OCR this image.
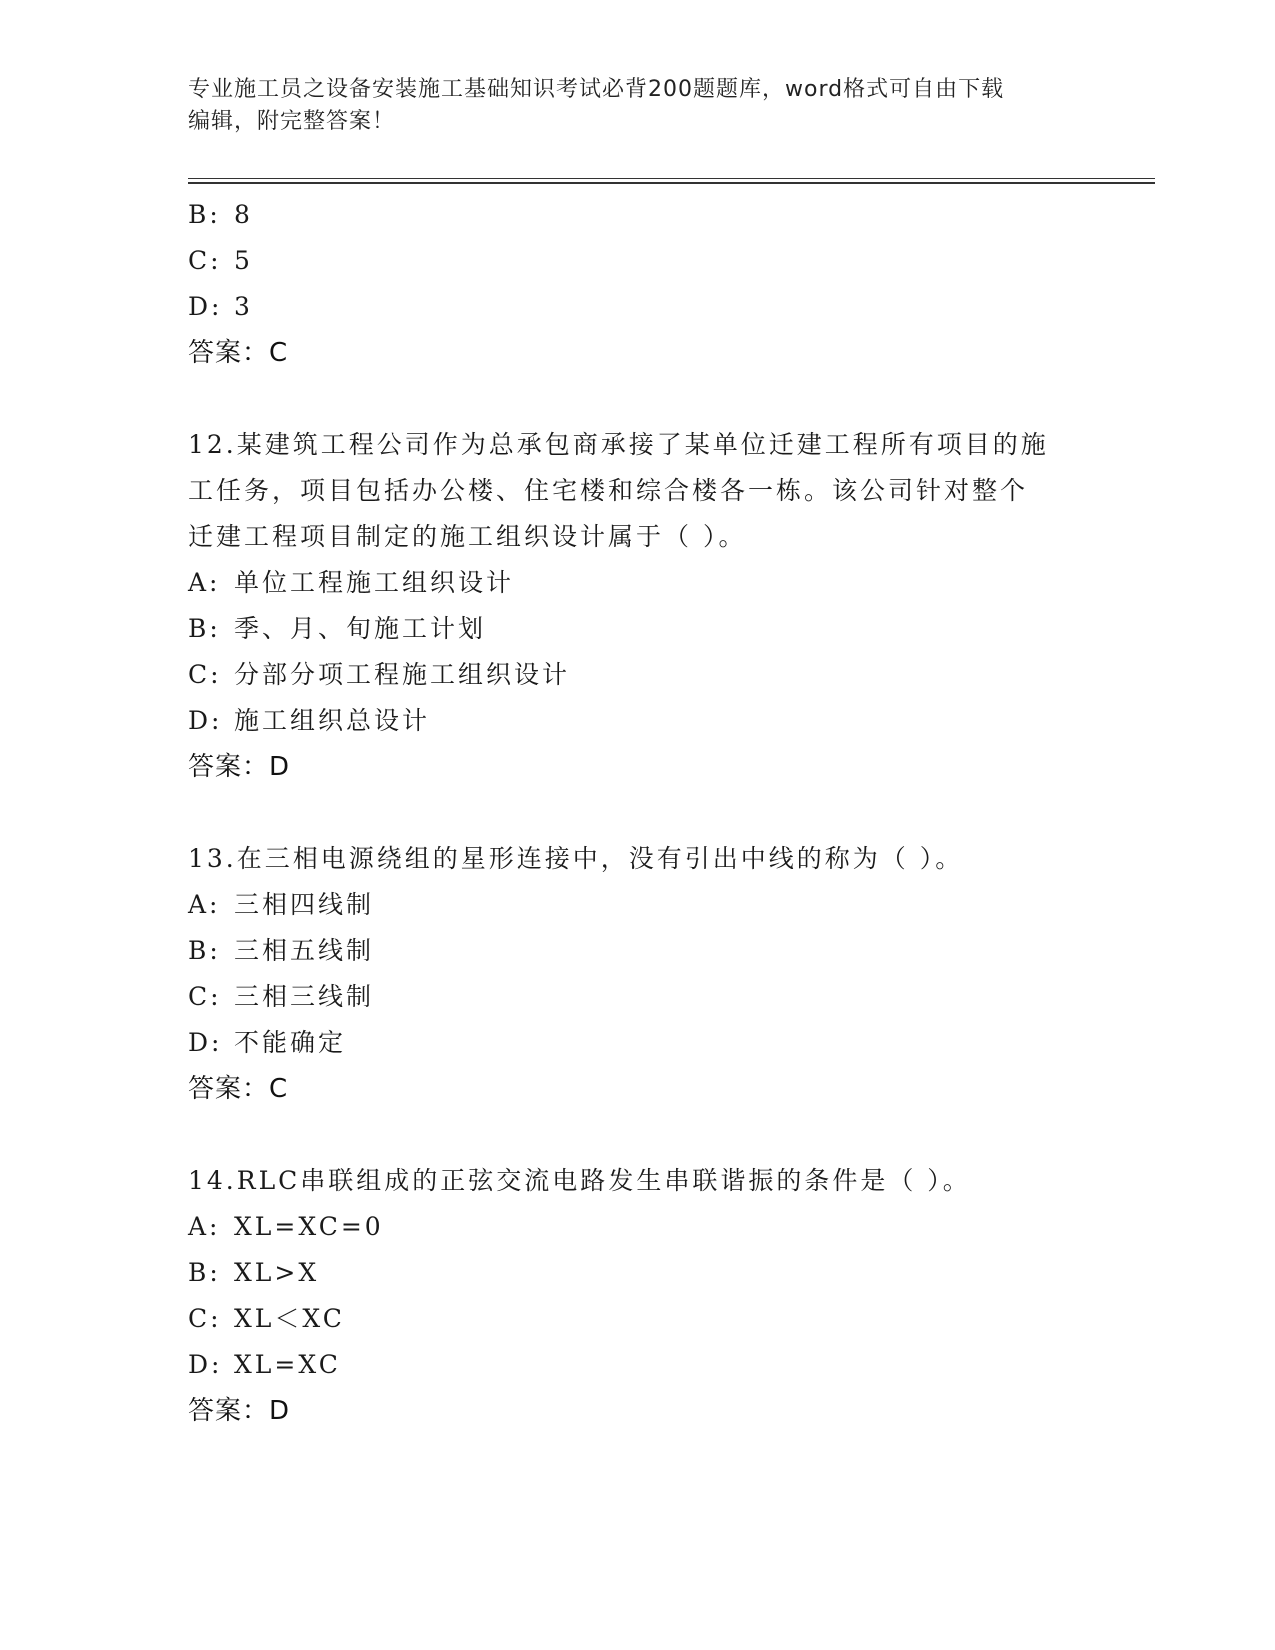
专业施工员之设备安装施工基础知识考试必背200题题库，word格式可自由下载
编辑，附完整答案！
B: 8
C: 5
D: 3
答案：C
12.某建筑工程公司作为总承包商承接了某单位迁建工程所有项目的施
工任务，项目包括办公楼、住宅楼和综合楼各一栋。该公司针对整个
迁建工程项目制定的施工组织设计属于（ ）。
A: 单位工程施工组织设计
B: 季、月、旬施工计划
C: 分部分项工程施工组织设计
D: 施工组织总设计
答案：D
13.在三相电源绕组的星形连接中，没有引出中线的称为（ ）。
A: 三相四线制
B: 三相五线制
C: 三相三线制
D: 不能确定
答案：C
14.RLC串联组成的正弦交流电路发生串联谐振的条件是（ ）。
A: XL=XC=0
B: XL>X
C: XL＜XC
D: XL=XC
答案：D
